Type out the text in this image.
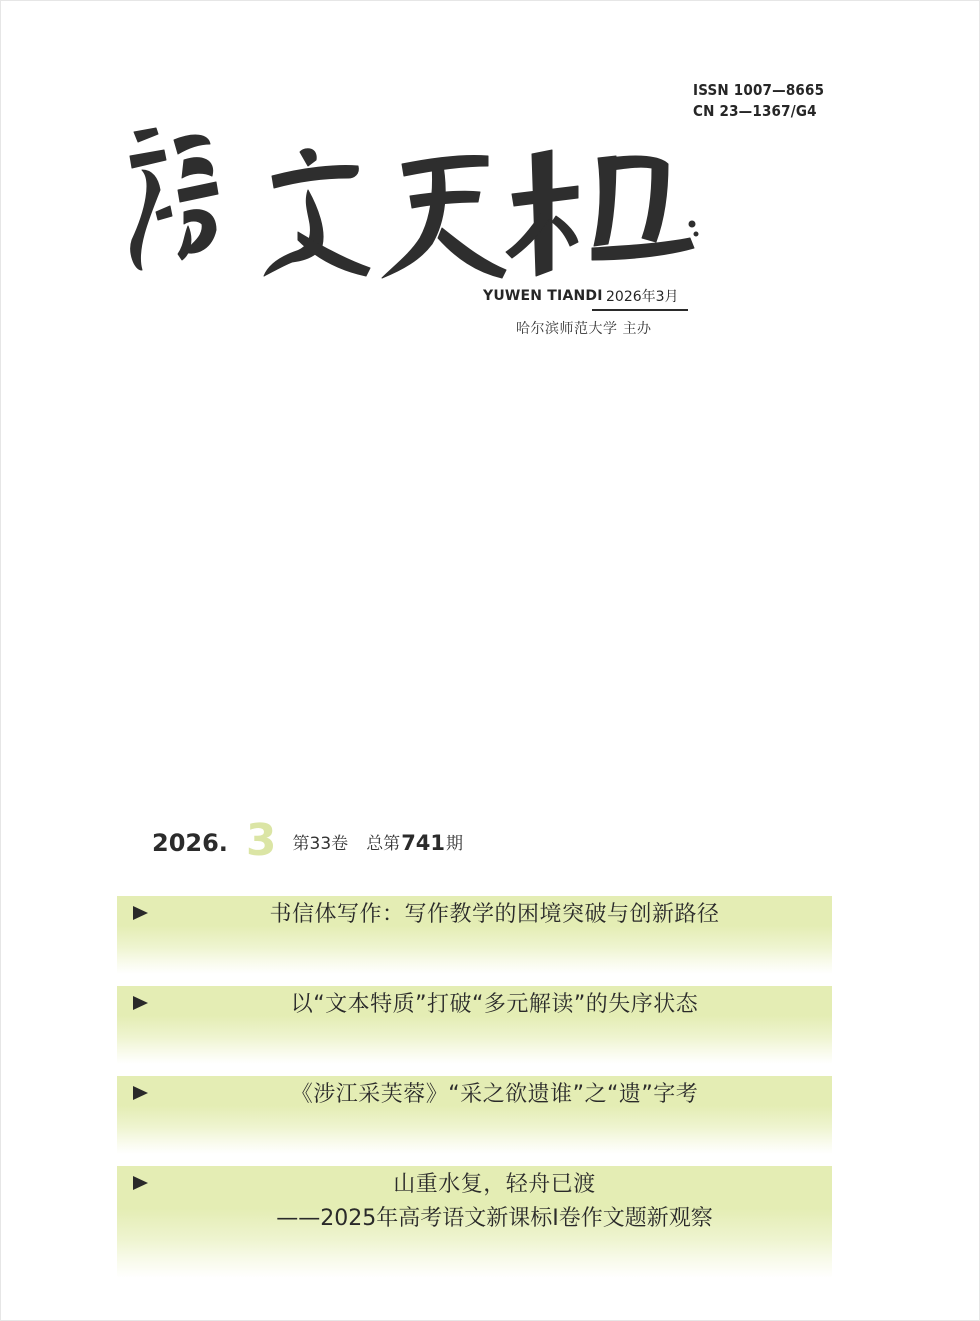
ISSN 1007—8665
CN 23—1367/G4
YUWEN TIANDI 2026年3月
哈尔滨师范大学 主办
2026. 3 第33卷 总第 741 期
书信体写作：写作教学的困境突破与创新路径
以“文本特质”打破“多元解读”的失序状态
《涉江采芙蓉》“采之欲遗谁”之“遗”字考
山重水复，轻舟已渡
——2025年高考语文新课标Ⅰ卷作文题新观察
